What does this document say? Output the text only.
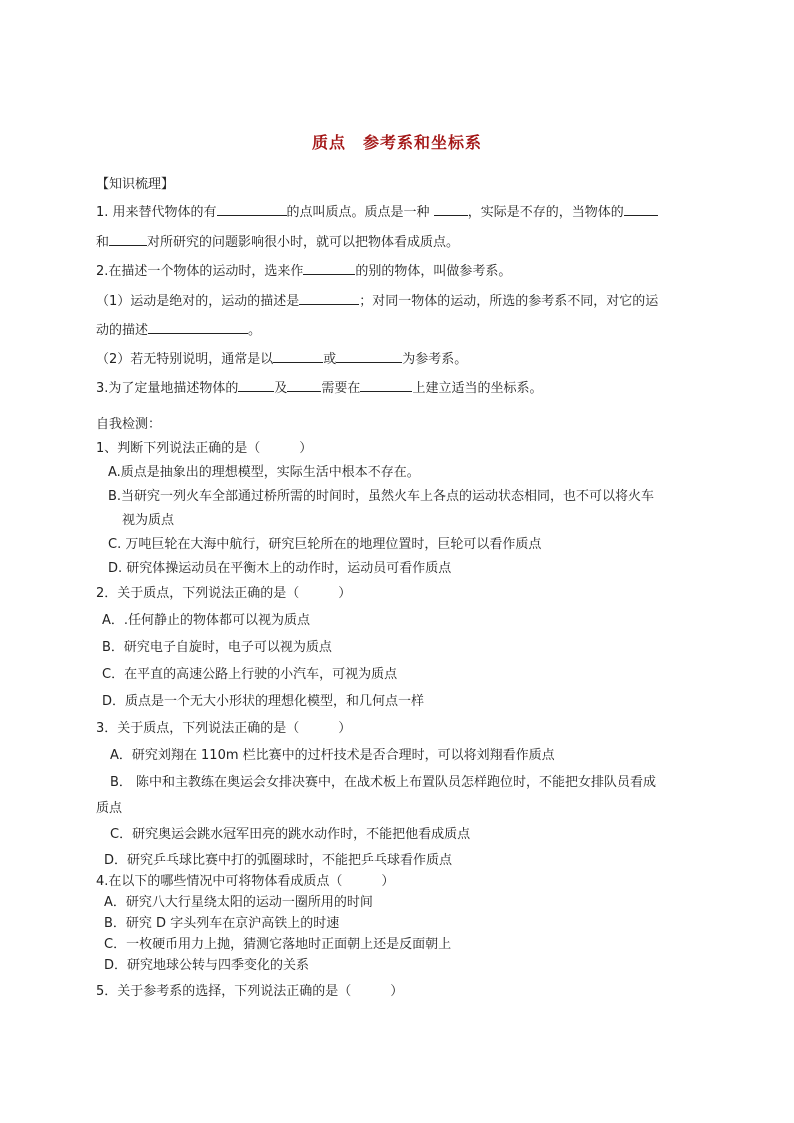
质点　参考系和坐标系
【知识梳理】
1. 用来替代物体的有	的点叫质点。质点是一种	，实际是不存的，当物体的
和	对所研究的问题影响很小时，就可以把物体看成质点。
2.在描述一个物体的运动时，选来作	的别的物体，叫做参考系。
（1）运动是绝对的，运动的描述是	；对同一物体的运动，所选的参考系不同，对它的运
动的描述	。
（2）若无特别说明，通常是以	或	为参考系。
3.为了定量地描述物体的	及	需要在	上建立适当的坐标系。
自我检测：
1、判断下列说法正确的是（　　　）
A.质点是抽象出的理想模型，实际生活中根本不存在。
B.当研究一列火车全部通过桥所需的时间时，虽然火车上各点的运动状态相同，也不可以将火车
视为质点
C. 万吨巨轮在大海中航行，研究巨轮所在的地理位置时，巨轮可以看作质点
D. 研究体操运动员在平衡木上的动作时，运动员可看作质点
2．关于质点，下列说法正确的是（　　　）
A．.任何静止的物体都可以视为质点
B．研究电子自旋时，电子可以视为质点
C．在平直的高速公路上行驶的小汽车，可视为质点
D．质点是一个无大小形状的理想化模型，和几何点一样
3．关于质点，下列说法正确的是（　　　）
A．研究刘翔在 110m 栏比赛中的过杆技术是否合理时，可以将刘翔看作质点
B． 陈中和主教练在奥运会女排决赛中，在战术板上布置队员怎样跑位时，不能把女排队员看成
质点
C．研究奥运会跳水冠军田亮的跳水动作时，不能把他看成质点
D．研究乒乓球比赛中打的弧圈球时，不能把乒乓球看作质点
4.在以下的哪些情况中可将物体看成质点（　　　）
A．研究八大行星绕太阳的运动一圈所用的时间
B．研究 D 字头列车在京沪高铁上的时速
C．一枚硬币用力上抛，猜测它落地时正面朝上还是反面朝上
D．研究地球公转与四季变化的关系
5．关于参考系的选择，下列说法正确的是（　　　）
